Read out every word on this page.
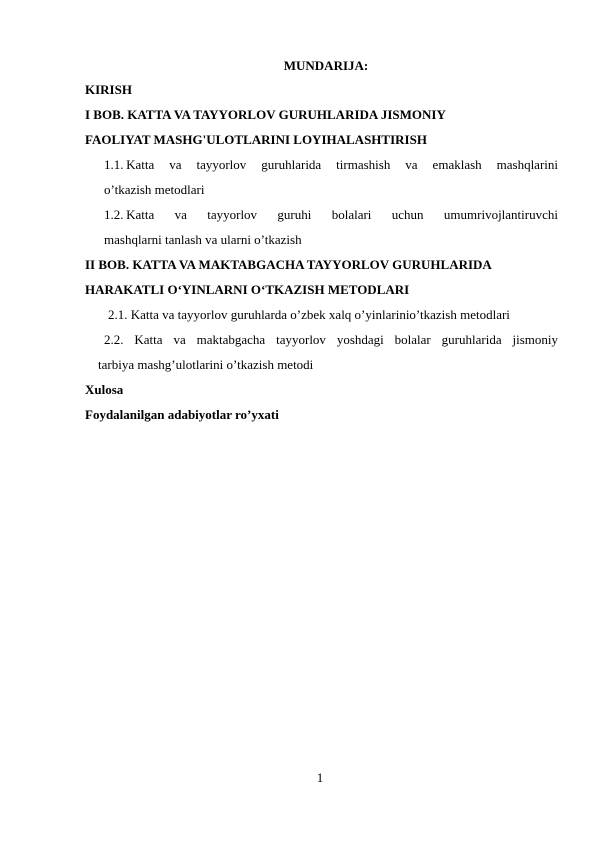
MUNDARIJA:
KIRISH
I BOB. KATTA VA TAYYORLOV GURUHLARIDA JISMONIY
FAOLIYAT MASHG'ULOTLARINI LOYIHALASHTIRISH
1.1. Katta va tayyorlov guruhlarida tirmashish va emaklash mashqlarini
o’tkazish metodlari
1.2. Katta va tayyorlov guruhi bolalari uchun umumrivojlantiruvchi
mashqlarni tanlash va ularni o’tkazish
II BOB. KATTA VA MAKTABGACHA TAYYORLOV GURUHLARIDA
HARAKATLI O‘YINLARNI O‘TKAZISH METODLARI
2.1. Katta va tayyorlov guruhlarda o’zbek xalq o’yinlarinio’tkazish metodlari
2.2. Katta va maktabgacha tayyorlov yoshdagi bolalar guruhlarida jismoniy
tarbiya mashg’ulotlarini o’tkazish metodi
Xulosa
Foydalanilgan adabiyotlar ro’yxati
1
